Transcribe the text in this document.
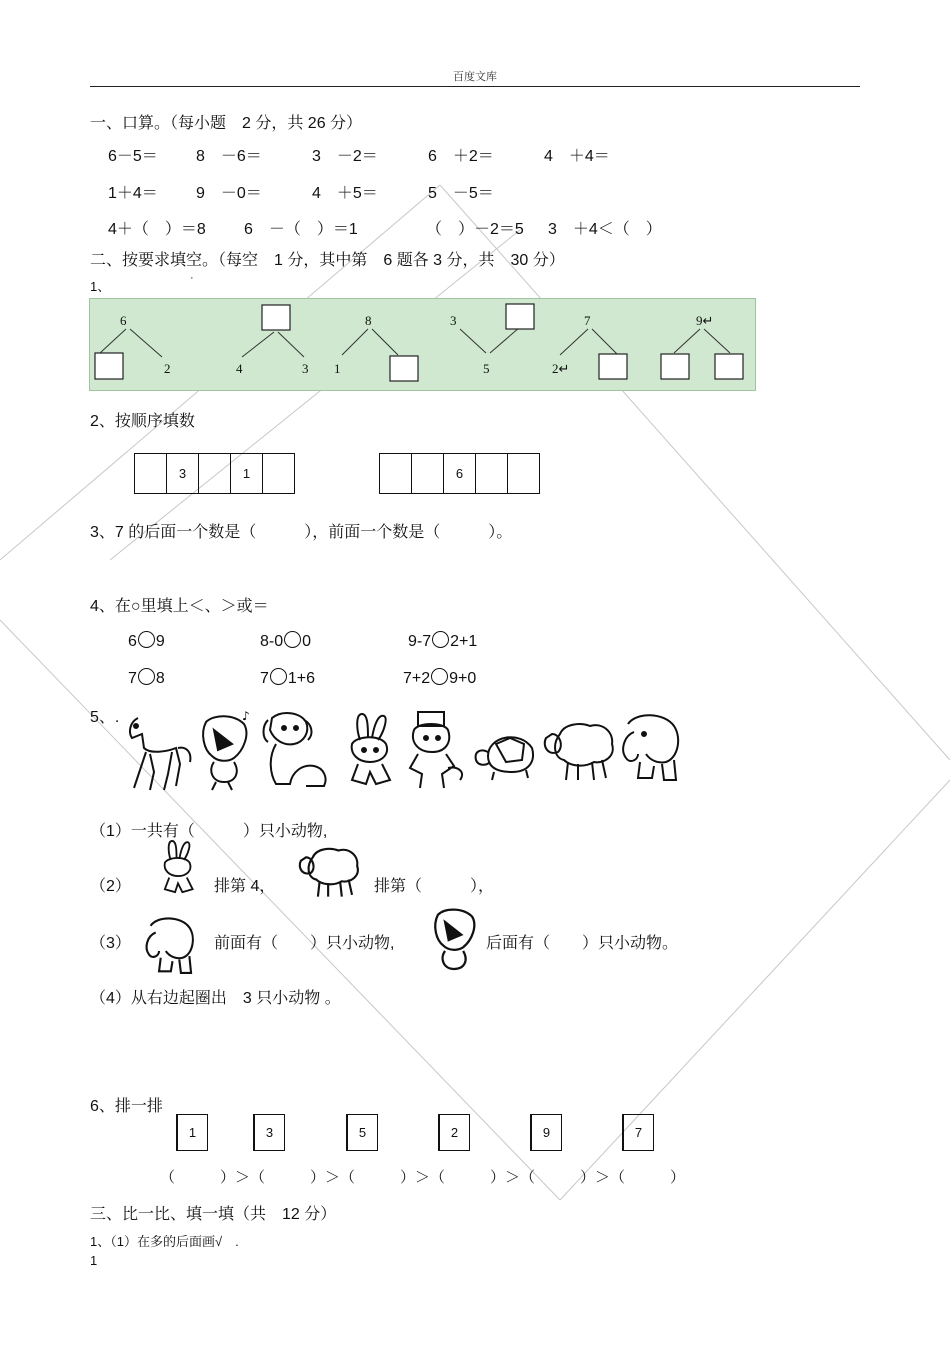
百度文库
一、口算。（每小题　2 分，共 26 分）
6－5＝ 8　－6＝	3　－2＝	6　＋2＝	4　＋4＝
1＋4＝ 9　－0＝	4　＋5＝	5　－5＝
4＋（　）＝8 6　－（　）＝1	（　）－2＝5 3　＋4＜（　）
二、按要求填空。（每空　1 分，其中第　6 题各 3 分，共　30 分）
1、
·
6
2	4	3
8
1
3
5
7
2↵
9↵
2、按顺序填数
3	1	6
3、7 的后面一个数是（　　　），前面一个数是（　　　）。
4、在○里填上＜、＞或＝
6 9	8-0 0	9-7 2+1
7 8	7 1+6	7+2 9+0
5、.	♪
（1）一共有（　　　）只小动物,
（2）	排第 4，	排第（　　　），
（3）	前面有（　　）只小动物,	后面有（　　）只小动物。
（4）从右边起圈出　3 只小动物 。
6、排一排
1	3	5	2	9	7
（　　　）＞（　　　）＞（　　　）＞（　　　）＞（　　　）＞（　　　）
三、比一比、填一填（共　12 分）
1、（1）在多的后面画√　.
1
